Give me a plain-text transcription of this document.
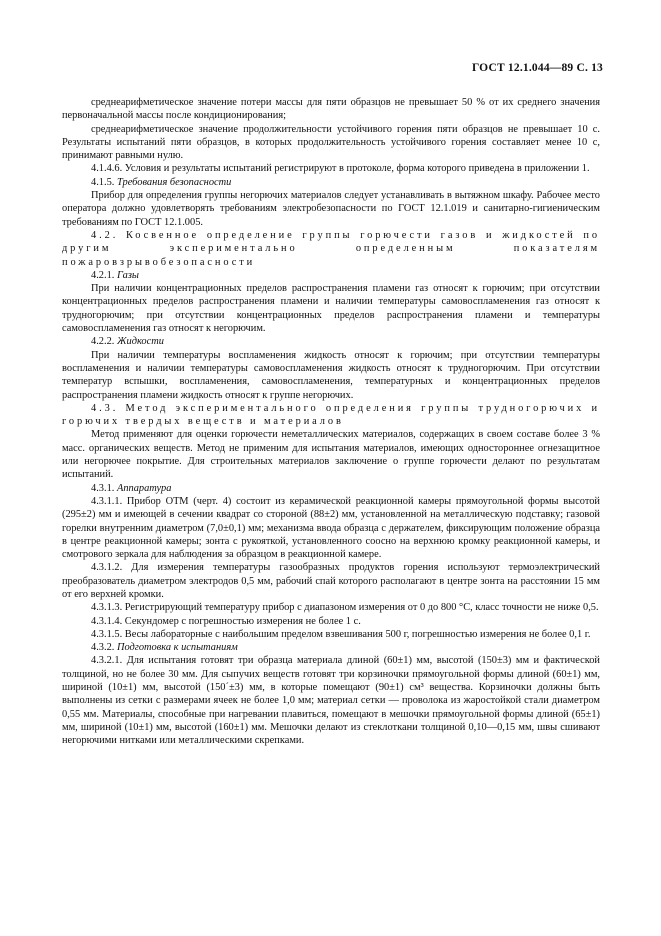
ГОСТ 12.1.044—89 С. 13

среднеарифметическое значение потери массы для пяти образцов не превышает 50 % от их среднего значения первоначальной массы после кондиционирования;

среднеарифметическое значение продолжительности устойчивого горения пяти образцов не превышает 10 с. Результаты испытаний пяти образцов, в которых продолжительность устойчивого горения составляет менее 10 с, принимают равными нулю.

4.1.4.6. Условия и результаты испытаний регистрируют в протоколе, форма которого приведена в приложении 1.

4.1.5. Требования безопасности

Прибор для определения группы негорючих материалов следует устанавливать в вытяжном шкафу. Рабочее место оператора должно удовлетворять требованиям электробезопасности по ГОСТ 12.1.019 и санитарно-гигиеническим требованиям по ГОСТ 12.1.005.

4.2. Косвенное определение группы горючести газов и жидкостей по другим экспериментально определенным показателям пожаровзрывобезопасности

4.2.1. Газы

При наличии концентрационных пределов распространения пламени газ относят к горючим; при отсутствии концентрационных пределов распространения пламени и наличии температуры самовоспламенения газ относят к трудногорючим; при отсутствии концентрационных пределов распространения пламени и температуры самовоспламенения газ относят к негорючим.

4.2.2. Жидкости

При наличии температуры воспламенения жидкость относят к горючим; при отсутствии температуры воспламенения и наличии температуры самовоспламенения жидкость относят к трудногорючим. При отсутствии температур вспышки, воспламенения, самовоспламенения, температурных и концентрационных пределов распространения пламени жидкость относят к группе негорючих.

4.3. Метод экспериментального определения группы трудногорючих и горючих твердых веществ и материалов

Метод применяют для оценки горючести неметаллических материалов, содержащих в своем составе более 3 % масс. органических веществ. Метод не применим для испытания материалов, имеющих одностороннее огнезащитное или негорючее покрытие. Для строительных материалов заключение о группе горючести делают по результатам испытаний.

4.3.1. Аппаратура

4.3.1.1. Прибор ОТМ (черт. 4) состоит из керамической реакционной камеры прямоугольной формы высотой (295±2) мм и имеющей в сечении квадрат со стороной (88±2) мм, установленной на металлическую подставку; газовой горелки внутренним диаметром (7,0±0,1) мм; механизма ввода образца с держателем, фиксирующим положение образца в центре реакционной камеры; зонта с рукояткой, установленного соосно на верхнюю кромку реакционной камеры, и смотрового зеркала для наблюдения за образцом в реакционной камере.

4.3.1.2. Для измерения температуры газообразных продуктов горения используют термоэлектрический преобразователь диаметром электродов 0,5 мм, рабочий спай которого располагают в центре зонта на расстоянии 15 мм от его верхней кромки.

4.3.1.3. Регистрирующий температуру прибор с диапазоном измерения от 0 до 800 °С, класс точности не ниже 0,5.

4.3.1.4. Секундомер с погрешностью измерения не более 1 с.

4.3.1.5. Весы лабораторные с наибольшим пределом взвешивания 500 г, погрешностью измерения не более 0,1 г.

4.3.2. Подготовка к испытаниям

4.3.2.1. Для испытания готовят три образца материала длиной (60±1) мм, высотой (150±3) мм и фактической толщиной, но не более 30 мм. Для сыпучих веществ готовят три корзиночки прямоугольной формы длиной (60±1) мм, шириной (10±1) мм, высотой (150´±3) мм, в которые помещают (90±1) см³ вещества. Корзиночки должны быть выполнены из сетки с размерами ячеек не более 1,0 мм; материал сетки — проволока из жаростойкой стали диаметром 0,55 мм. Материалы, способные при нагревании плавиться, помещают в мешочки прямоугольной формы длиной (65±1) мм, шириной (10±1) мм, высотой (160±1) мм. Мешочки делают из стеклоткани толщиной 0,10—0,15 мм, швы сшивают негорючими нитками или металлическими скрепками.
